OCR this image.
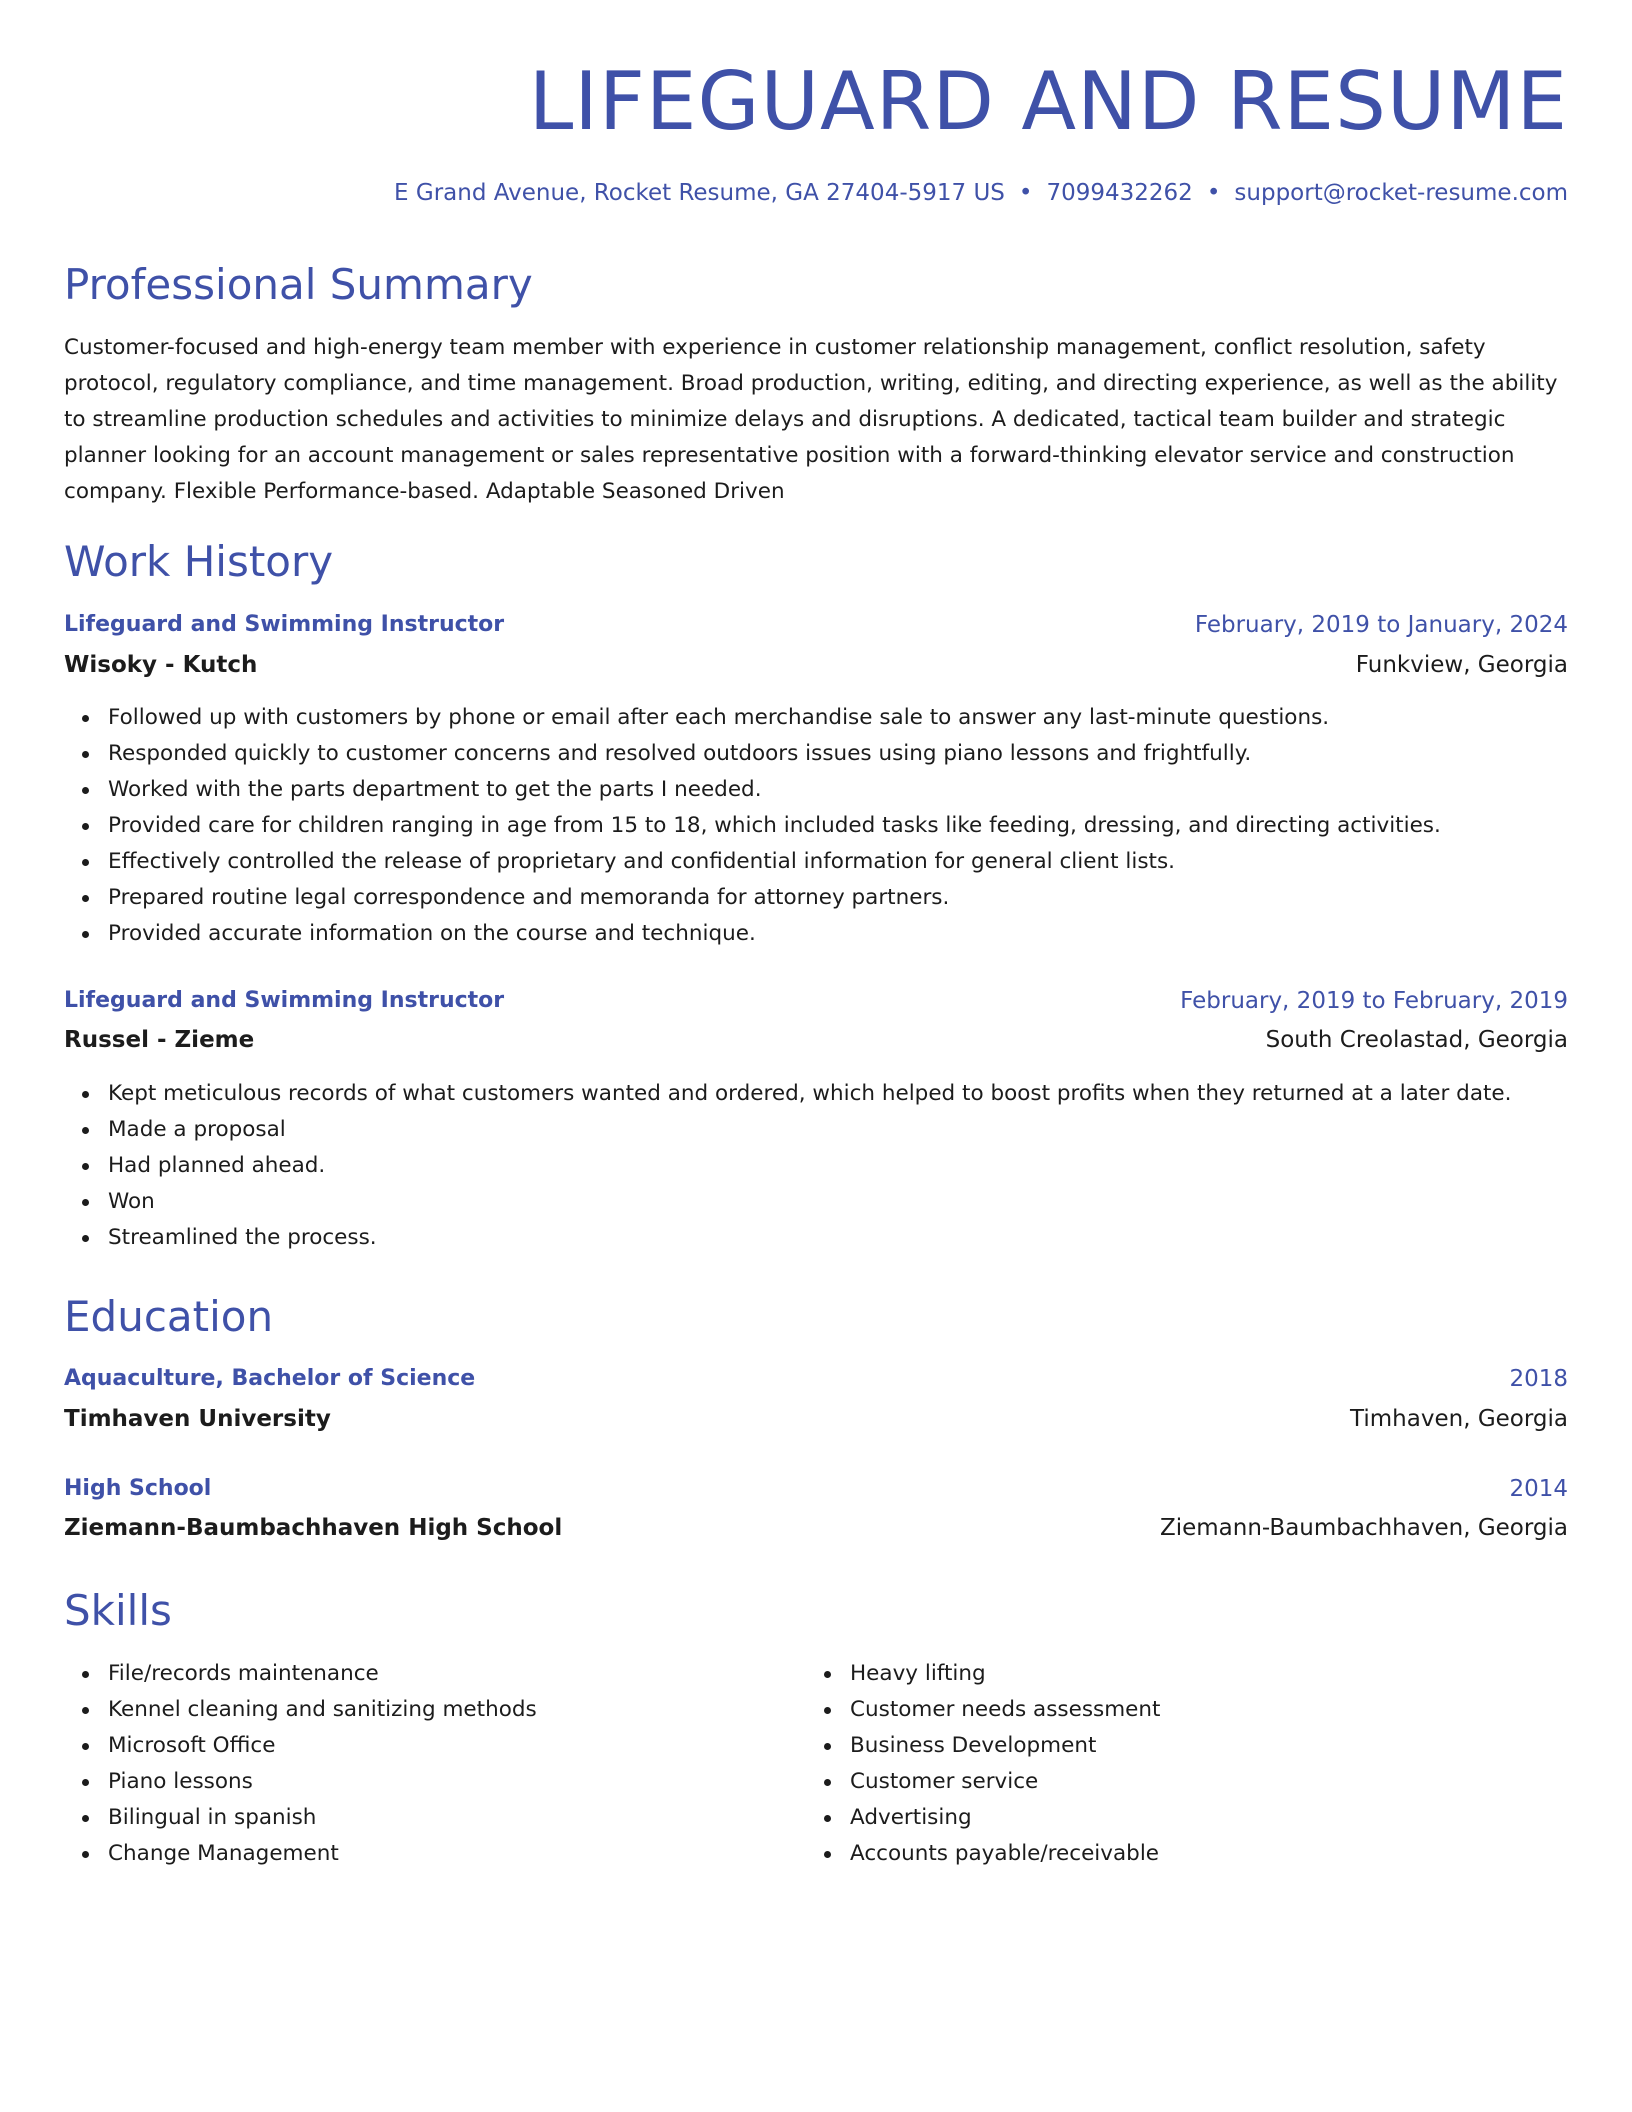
LIFEGUARD AND RESUME
E Grand Avenue, Rocket Resume, GA 27404-5917 US • 7099432262 • support@rocket-resume.com
Professional Summary

Customer-focused and high-energy team member with experience in customer relationship management, conflict resolution, safety protocol, regulatory compliance, and time management. Broad production, writing, editing, and directing experience, as well as the ability to streamline production schedules and activities to minimize delays and disruptions. A dedicated, tactical team builder and strategic planner looking for an account management or sales representative position with a forward-thinking elevator service and construction company. Flexible Performance-based. Adaptable Seasoned Driven

Work History
Lifeguard and Swimming Instructor	February, 2019 to January, 2024
Wisoky - Kutch	Funkview, Georgia
Followed up with customers by phone or email after each merchandise sale to answer any last-minute questions.
Responded quickly to customer concerns and resolved outdoors issues using piano lessons and frightfully.
Worked with the parts department to get the parts I needed.
Provided care for children ranging in age from 15 to 18, which included tasks like feeding, dressing, and directing activities.
Effectively controlled the release of proprietary and confidential information for general client lists.
Prepared routine legal correspondence and memoranda for attorney partners.
Provided accurate information on the course and technique.
Lifeguard and Swimming Instructor	February, 2019 to February, 2019
Russel - Zieme	South Creolastad, Georgia
Kept meticulous records of what customers wanted and ordered, which helped to boost profits when they returned at a later date.
Made a proposal
Had planned ahead.
Won
Streamlined the process.
Education
Aquaculture, Bachelor of Science	2018
Timhaven University	Timhaven, Georgia
High School	2014
Ziemann-Baumbachhaven High School	Ziemann-Baumbachhaven, Georgia
Skills
File/records maintenance
Kennel cleaning and sanitizing methods
Microsoft Office
Piano lessons
Bilingual in spanish
Change Management
Heavy lifting
Customer needs assessment
Business Development
Customer service
Advertising
Accounts payable/receivable
